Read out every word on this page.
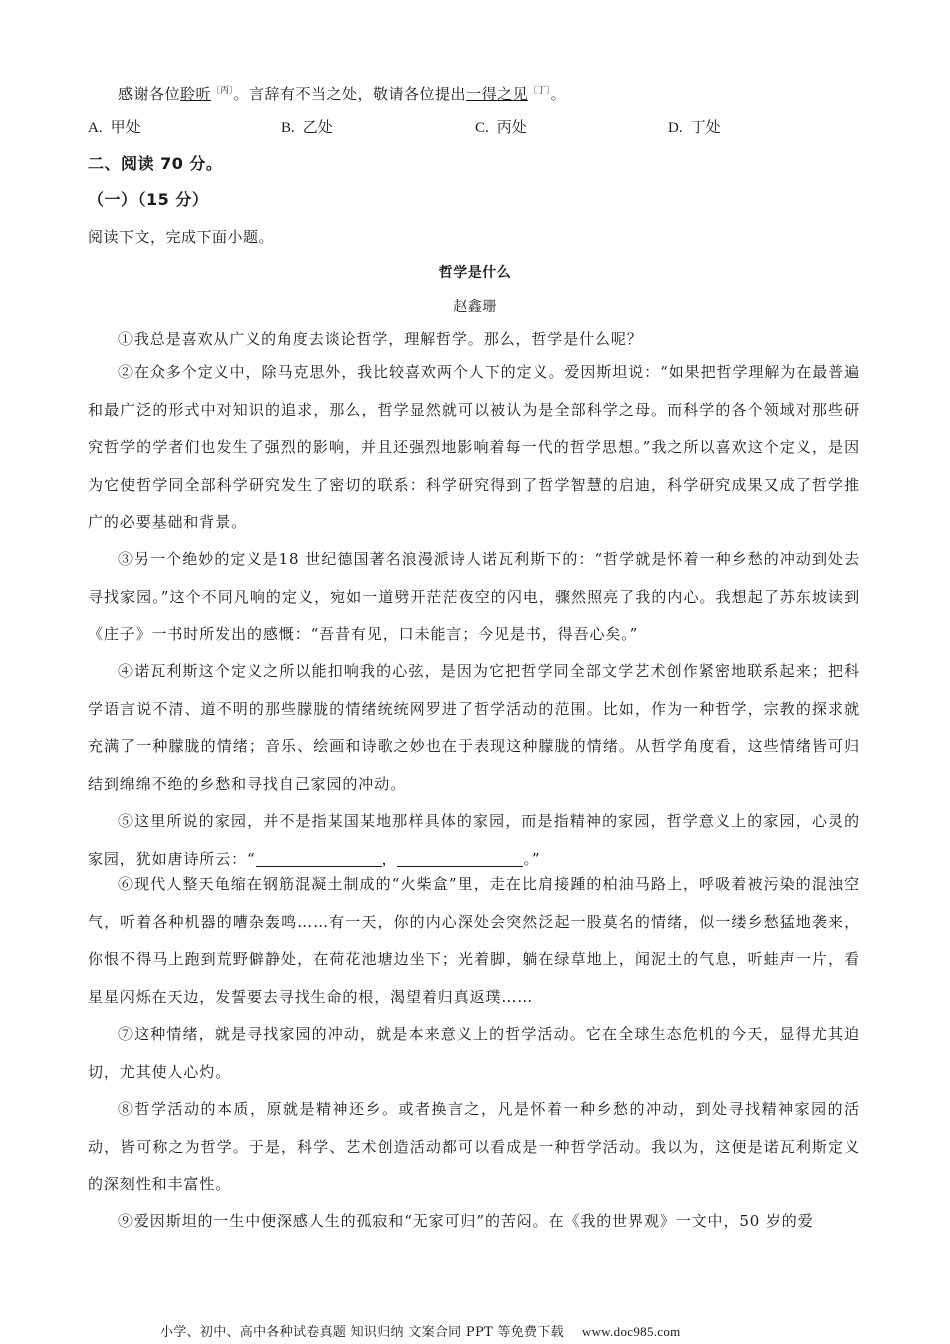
感谢各位聆听$^{〔丙〕}$。言辞有不当之处，敬请各位提出一得之见$^{〔丁〕}$。
A. 甲处	B. 乙处	C. 丙处	D. 丁处
二、阅读 70 分。
（一）（15 分）
阅读下文，完成下面小题。
哲学是什么
赵鑫珊
①我总是喜欢从广义的角度去谈论哲学，理解哲学。那么，哲学是什么呢？
②在众多个定义中，除马克思外，我比较喜欢两个人下的定义。爱因斯坦说：“如果把哲学理解为在最普遍和最广泛的形式中对知识的追求，那么，哲学显然就可以被认为是全部科学之母。而科学的各个领域对那些研究哲学的学者们也发生了强烈的影响，并且还强烈地影响着每一代的哲学思想。”我之所以喜欢这个定义，是因为它使哲学同全部科学研究发生了密切的联系：科学研究得到了哲学智慧的启迪，科学研究成果又成了哲学推广的必要基础和背景。
③另一个绝妙的定义是18 世纪德国著名浪漫派诗人诺瓦利斯下的：“哲学就是怀着一种乡愁的冲动到处去寻找家园。”这个不同凡响的定义，宛如一道劈开茫茫夜空的闪电，骤然照亮了我的内心。我想起了苏东坡读到《庄子》一书时所发出的感慨：“吾昔有见，口未能言；今见是书，得吾心矣。”
④诺瓦利斯这个定义之所以能扣响我的心弦，是因为它把哲学同全部文学艺术创作紧密地联系起来；把科学语言说不清、道不明的那些朦胧的情绪统统网罗进了哲学活动的范围。比如，作为一种哲学，宗教的探求就充满了一种朦胧的情绪；音乐、绘画和诗歌之妙也在于表现这种朦胧的情绪。从哲学角度看，这些情绪皆可归结到绵绵不绝的乡愁和寻找自己家园的冲动。
⑤这里所说的家园，并不是指某国某地那样具体的家园，而是指精神的家园，哲学意义上的家园，心灵的家园，犹如唐诗所云：“	，	。”
⑥现代人整天龟缩在钢筋混凝土制成的“火柴盒”里，走在比肩接踵的柏油马路上，呼吸着被污染的混浊空气，听着各种机器的嘈杂轰鸣……有一天，你的内心深处会突然泛起一股莫名的情绪，似一缕乡愁猛地袭来，你恨不得马上跑到荒野僻静处，在荷花池塘边坐下；光着脚，躺在绿草地上，闻泥土的气息，听蛙声一片，看星星闪烁在天边，发誓要去寻找生命的根，渴望着归真返璞……
⑦这种情绪，就是寻找家园的冲动，就是本来意义上的哲学活动。它在全球生态危机的今天，显得尤其迫切，尤其使人心灼。
⑧哲学活动的本质，原就是精神还乡。或者换言之，凡是怀着一种乡愁的冲动，到处寻找精神家园的活动，皆可称之为哲学。于是，科学、艺术创造活动都可以看成是一种哲学活动。我以为，这便是诺瓦利斯定义的深刻性和丰富性。
⑨爱因斯坦的一生中便深感人生的孤寂和“无家可归”的苦闷。在《我的世界观》一文中，50 岁的爱
小学、初中、高中各种试卷真题 知识归纳 文案合同 PPT 等免费下载 www.doc985.com
